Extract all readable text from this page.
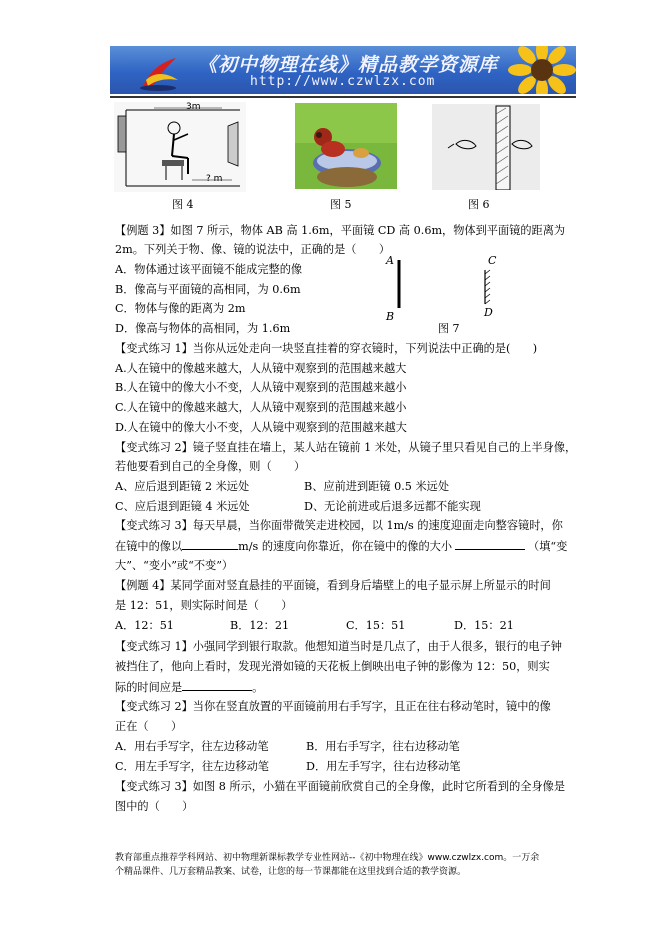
《初中物理在线》精品教学资源库
http://www.czwlzx.com
3m
? m
图 4	图 5	图 6
A
B
C
D
图 7
【例题 3】如图 7 所示，物体 AB 高 1.6m，平面镜 CD 高 0.6m，物体到平面镜的距离为
2m。下列关于物、像、镜的说法中，正确的是（　　）
A．物体通过该平面镜不能成完整的像
B．像高与平面镜的高相同，为 0.6m
C．物体与像的距离为 2m
D．像高与物体的高相同，为 1.6m
【变式练习 1】当你从远处走向一块竖直挂着的穿衣镜时，下列说法中正确的是(　　)
A.人在镜中的像越来越大，人从镜中观察到的范围越来越大
B.人在镜中的像大小不变，人从镜中观察到的范围越来越小
C.人在镜中的像越来越大，人从镜中观察到的范围越来越小
D.人在镜中的像大小不变，人从镜中观察到的范围越来越大
【变式练习 2】镜子竖直挂在墙上，某人站在镜前 1 米处，从镜子里只看见自己的上半身像，
若他要看到自己的全身像，则（　　）
A、应后退到距镜 2 米远处	B、应前进到距镜 0.5 米远处
C、应后退到距镜 4 米远处	D、无论前进或后退多远都不能实现
【变式练习 3】每天早晨，当你面带微笑走进校园，以 1m/s 的速度迎面走向整容镜时，你
在镜中的像以	m/s 的速度向你靠近，你在镜中的像的大小	（填“变
大”、“变小”或“不变”）
【例题 4】某同学面对竖直悬挂的平面镜，看到身后墙壁上的电子显示屏上所显示的时间
是 12：51，则实际时间是（　　）
A．12：51	B．12：21	C．15：51	D．15：21
【变式练习 1】小强同学到银行取款。他想知道当时是几点了，由于人很多，银行的电子钟
被挡住了，他向上看时，发现光滑如镜的天花板上倒映出电子钟的影像为 12：50，则实
际的时间应是	。
【变式练习 2】当你在竖直放置的平面镜前用右手写字，且正在往右移动笔时，镜中的像
正在（　　）
A．用右手写字，往左边移动笔	B．用右手写字，往右边移动笔
C．用左手写字，往左边移动笔	D．用左手写字，往右边移动笔
【变式练习 3】如图 8 所示，小猫在平面镜前欣赏自己的全身像，此时它所看到的全身像是
图中的（　　）
教育部重点推荐学科网站、初中物理新课标教学专业性网站--《初中物理在线》www.czwlzx.com。一万余
个精品课件、几万套精品教案、试卷，让您的每一节课都能在这里找到合适的教学资源。
